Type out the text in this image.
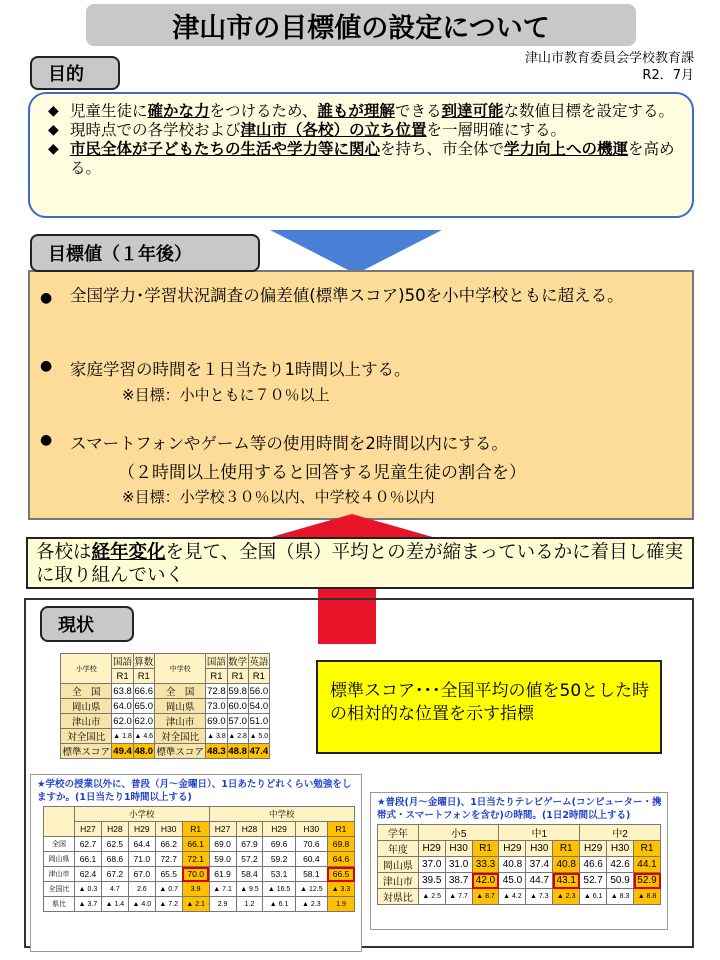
津山市の目標値の設定について
津山市教育委員会学校教育課
R2．7月
目的
◆ 児童生徒に確かな力をつけるため、誰もが理解できる到達可能な数値目標を設定する。
◆ 現時点での各学校および津山市（各校）の立ち位置を一層明確にする。
◆ 市民全体が子どもたちの生活や学力等に関心を持ち、市全体で学力向上への機運を高める。
●	全国学力･学習状況調査の偏差値(標準スコア)50を小中学校ともに超える。
●	家庭学習の時間を１日当たり1時間以上する。
※目標：小中ともに７０％以上
●	スマートフォンやゲーム等の使用時間を2時間以内にする。
（２時間以上使用すると回答する児童生徒の割合を）
※目標：小学校３０％以内、中学校４０％以内
目標値（１年後）
各校は経年変化を見て、全国（県）平均との差が縮まっているかに着目し確実に取り組んでいく
現状
小学校	国語	算数	中学校	国語	数学	英語
	R1	R1		R1	R1	R1
全　国	63.8	66.6	全　国	72.8	59.8	56.0
岡山県	64.0	65.0	岡山県	73.0	60.0	54.0
津山市	62.0	62.0	津山市	69.0	57.0	51.0
対全国比	▲ 1.8	▲ 4.6	対全国比	▲ 3.8	▲ 2.8	▲ 5.0
標準スコア	49.4	48.0	標準スコア	48.3	48.8	47.4
標準スコア･･･全国平均の値を50とした時の相対的な位置を示す指標
★学校の授業以外に、普段（月～金曜日）、1日あたりどれくらい勉強をしますか。(1日当たり1時間以上する)
	小学校					中学校				
	H27	H28	H29	H30	R1	H27	H28	H29	H30	R1
全国	62.7	62.5	64.4	66.2	66.1	69.0	67.9	69.6	70.6	69.8
岡山県	66.1	68.6	71.0	72.7	72.1	59.0	57.2	59.2	60.4	64.6
津山市	62.4	67.2	67.0	65.5	70.0	61.9	58.4	53.1	58.1	66.5
全国比	▲ 0.3	4.7	2.6	▲ 0.7	3.9	▲ 7.1	▲ 9.5	▲ 16.5	▲ 12.5	▲ 3.3
県比	▲ 3.7	▲ 1.4	▲ 4.0	▲ 7.2	▲ 2.1	2.9	1.2	▲ 6.1	▲ 2.3	1.9
★普段(月～金曜日)、1日当たりテレビゲーム(コンピューター・携帯式・スマートフォンを含む)の時間。(1日2時間以上する)
学年	小5			中1			中2		
年度	H29	H30	R1	H29	H30	R1	H29	H30	R1
岡山県	37.0	31.0	33.3	40.8	37.4	40.8	46.6	42.6	44.1
津山市	39.5	38.7	42.0	45.0	44.7	43.1	52.7	50.9	52.9
対県比	▲ 2.5	▲ 7.7	▲ 8.7	▲ 4.2	▲ 7.3	▲ 2.3	▲ 6.1	▲ 8.3	▲ 8.8
